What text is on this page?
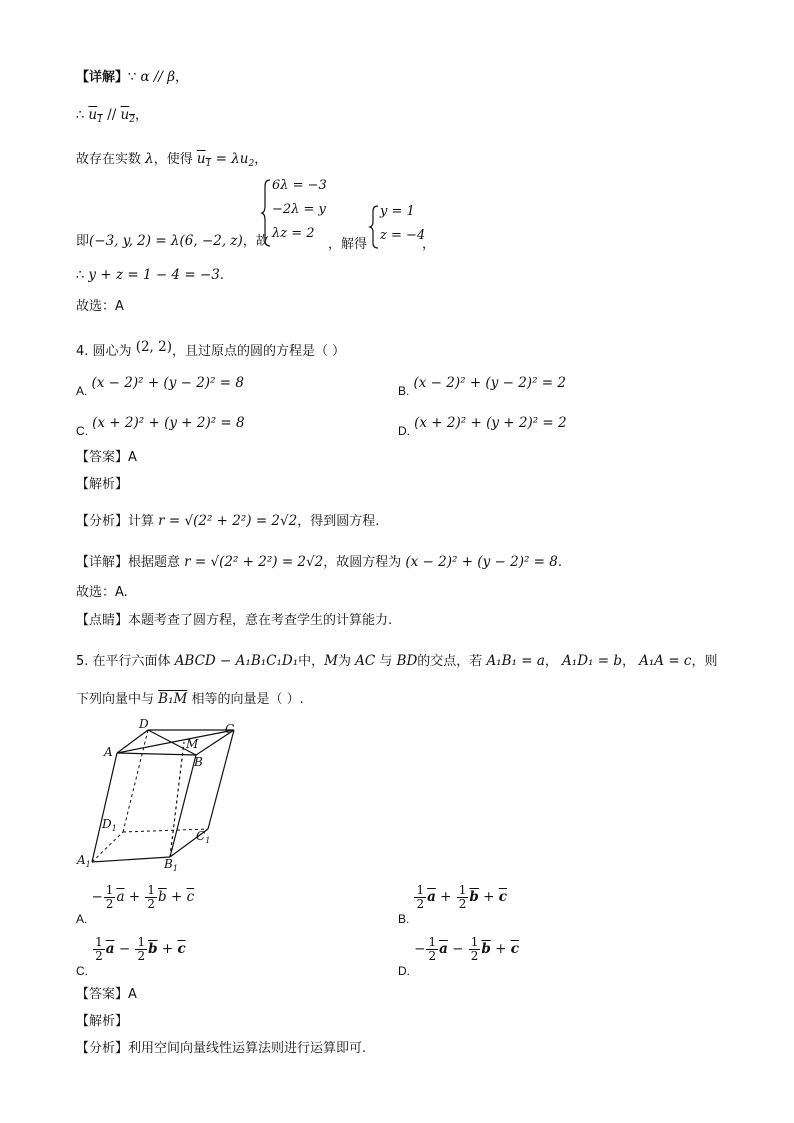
【详解】∵ α // β，
∴ $u_1 // u_2$，
故存在实数 λ，使得 $u_1 = \lambda u_2$，
6λ = −3
−2λ = y
λz = 2
y = 1
z = −4
即(−3, y, 2) = λ(6, −2, z)，故	，解得	，
∴ y + z = 1 − 4 = −3.
故选：A
4. 圆心为 (2, 2)，且过原点的圆的方程是（ ）
A. (x − 2)² + (y − 2)² = 8	B. (x − 2)² + (y − 2)² = 2
C. (x + 2)² + (y + 2)² = 8	D. (x + 2)² + (y + 2)² = 2
【答案】A
【解析】
【分析】计算 r = √(2² + 2²) = 2√2，得到圆方程.
【详解】根据题意 r = √(2² + 2²) = 2√2，故圆方程为 (x − 2)² + (y − 2)² = 8.
故选：A.
【点睛】本题考查了圆方程，意在考查学生的计算能力.
5. 在平行六面体 ABCD − A₁B₁C₁D₁中，M为 AC 与 BD的交点，若 A₁B₁ = a， A₁D₁ = b， A₁A = c，则
下列向量中与 B₁M 相等的向量是（ ）.
A
B
C
D
M
$A_1$	$B_1$
$C_1$
$D_1$
A. − $\frac{1}{2} \overline{a} + \frac{1}{2} \overline{b} + \overline{c}$
B.
$\frac{1}{2} \overline{a} + \frac{1}{2} \overline{b} + \overline{c}$
C.
$\frac{1}{2} \overline{a} - \frac{1}{2} \overline{b} + \overline{c}$
D. − $\frac{1}{2} \overline{a} - \frac{1}{2} \overline{b} + \overline{c}$
【答案】A
【解析】
【分析】利用空间向量线性运算法则进行运算即可.
